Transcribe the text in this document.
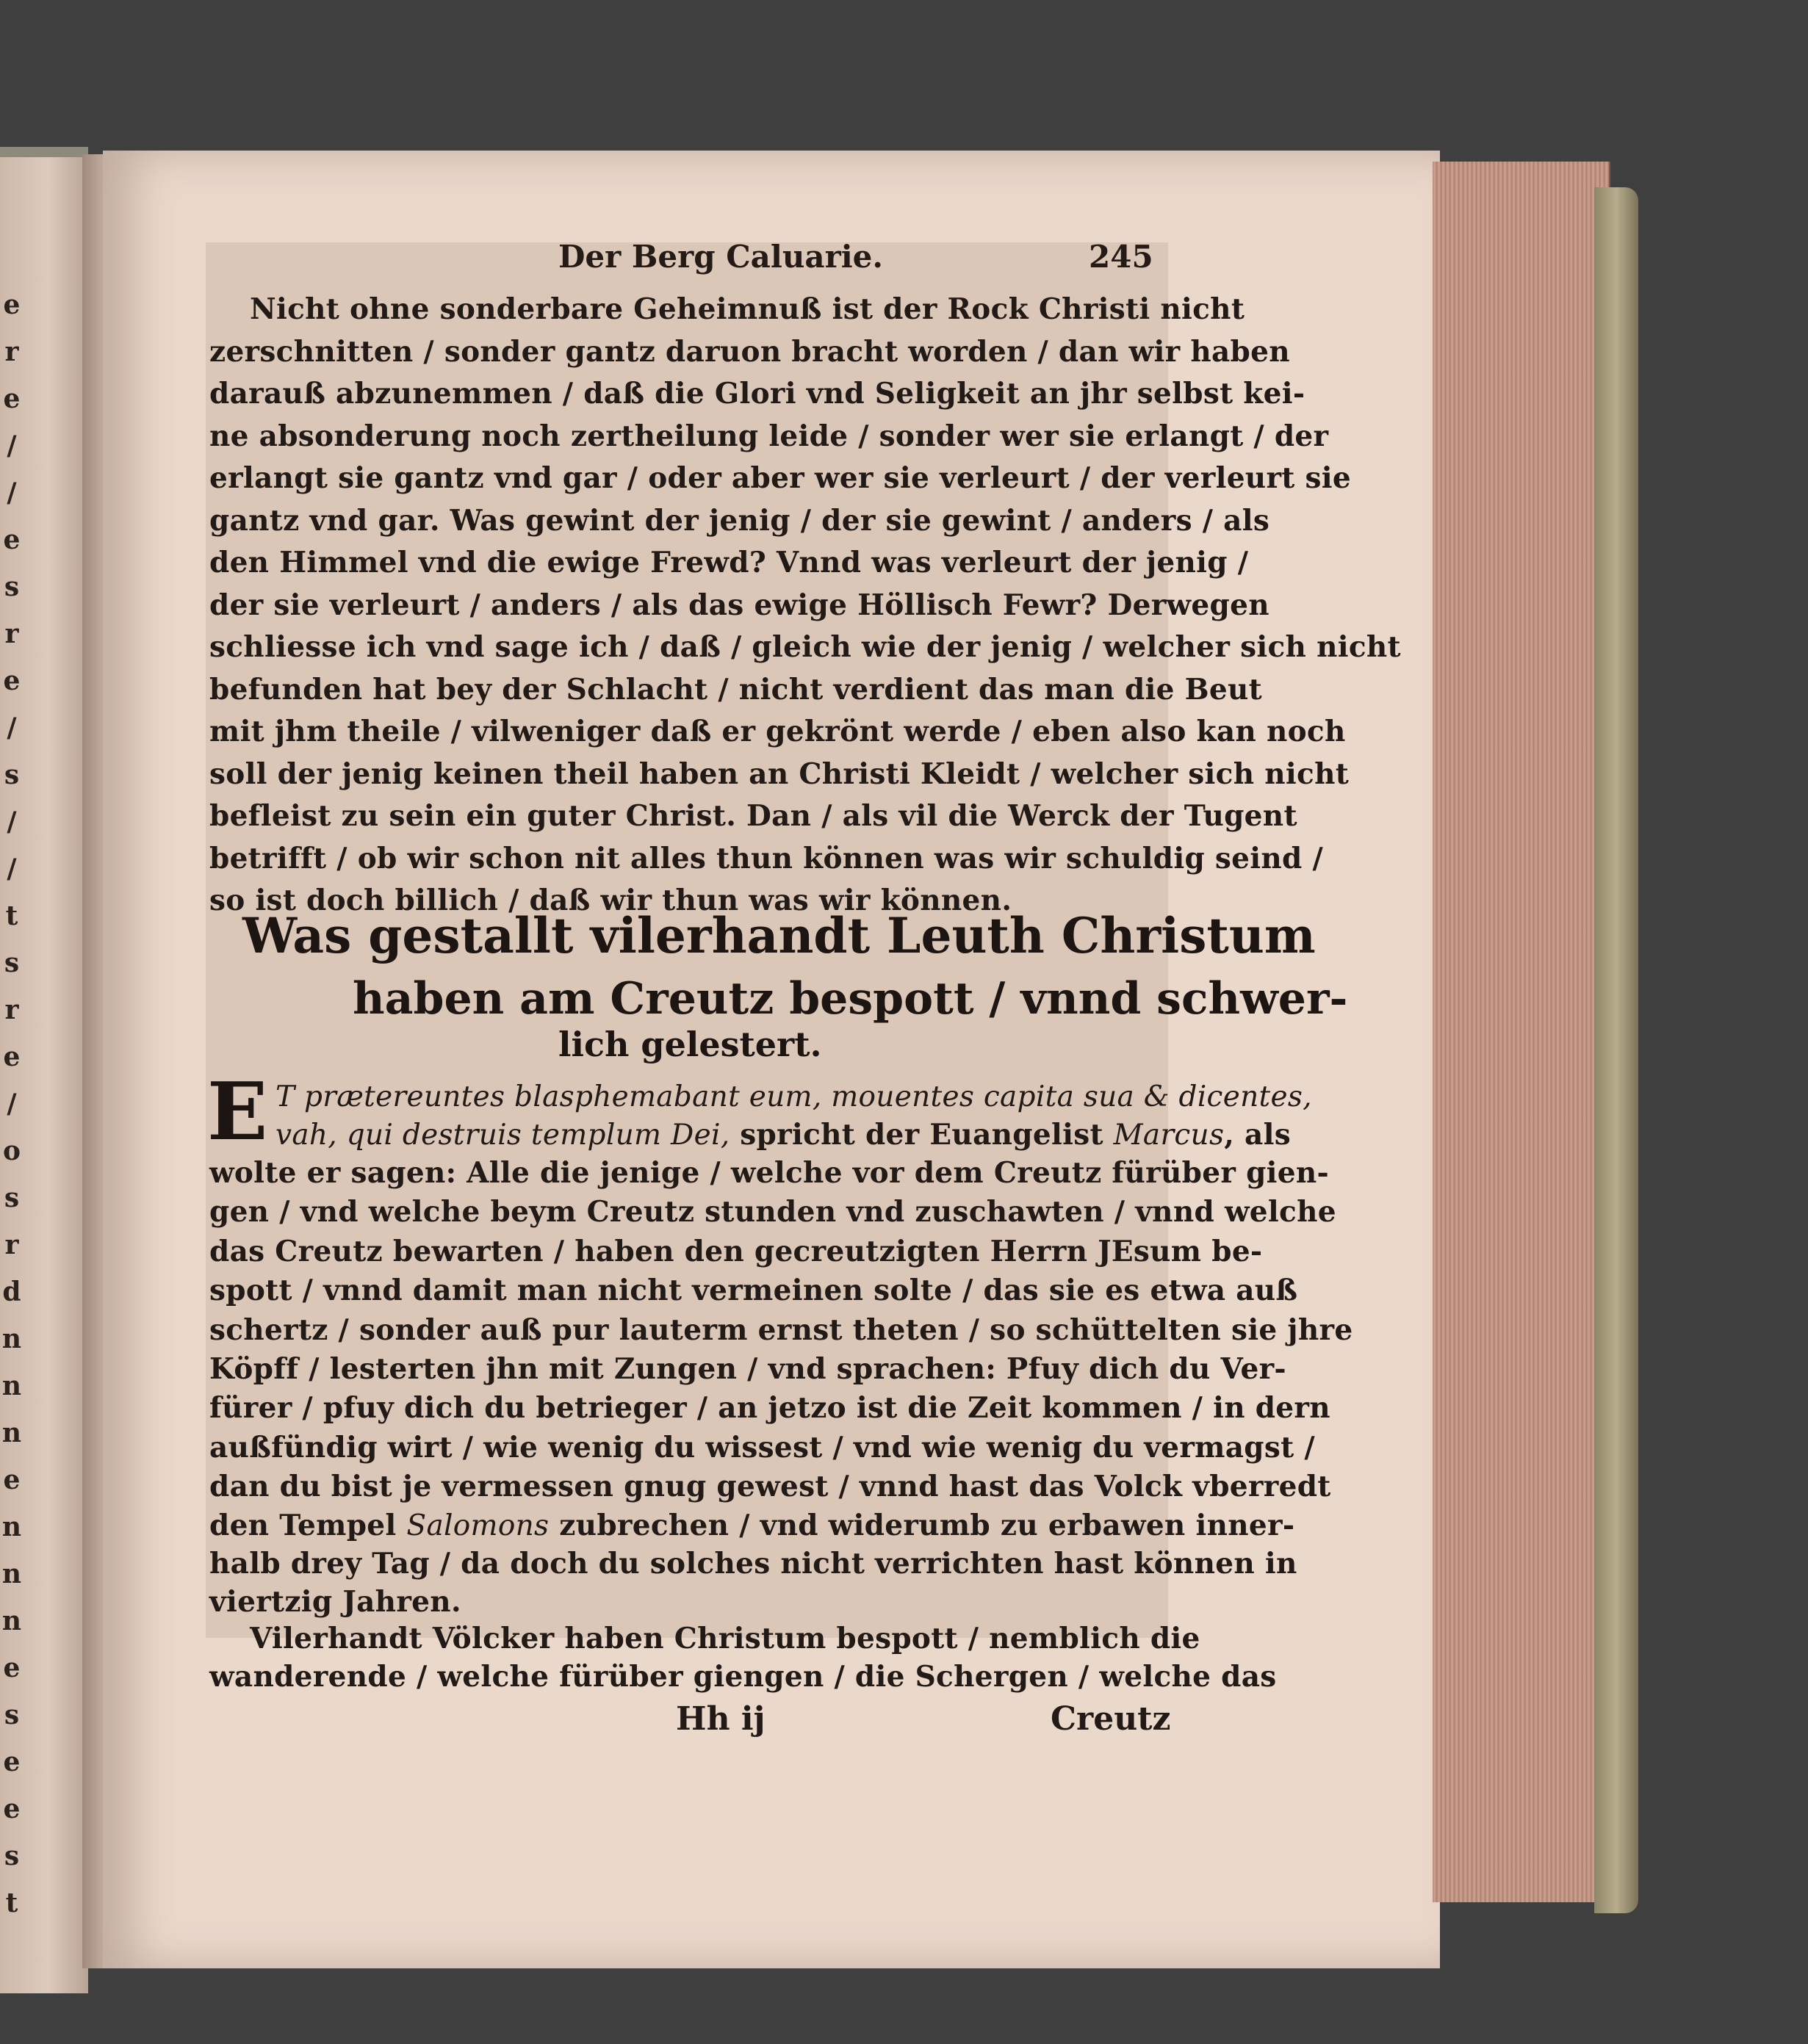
e
r
e
/
/
e
s
r
e
/
s
/
/
t
s
r
e
/
o
s
r
d
n
n
n
e
n
n
n
e
s
e
e
s
t
Der Berg Caluarie.	245
Nicht ohne sonderbare Geheimnuß ist der Rock Christi nicht
zerschnitten / sonder gantz daruon bracht worden / dan wir haben
darauß abzunemmen / daß die Glori vnd Seligkeit an jhr selbst kei-
ne absonderung noch zertheilung leide / sonder wer sie erlangt / der
erlangt sie gantz vnd gar / oder aber wer sie verleurt / der verleurt sie
gantz vnd gar. Was gewint der jenig / der sie gewint / anders / als
den Himmel vnd die ewige Frewd? Vnnd was verleurt der jenig /
der sie verleurt / anders / als das ewige Höllisch Fewr? Derwegen
schliesse ich vnd sage ich / daß / gleich wie der jenig / welcher sich nicht
befunden hat bey der Schlacht / nicht verdient das man die Beut
mit jhm theile / vilweniger daß er gekrönt werde / eben also kan noch
soll der jenig keinen theil haben an Christi Kleidt / welcher sich nicht
befleist zu sein ein guter Christ. Dan / als vil die Werck der Tugent
betrifft / ob wir schon nit alles thun können was wir schuldig seind /
so ist doch billich / daß wir thun was wir können.
Was gestallt vilerhandt Leuth Christum
haben am Creutz bespott / vnnd schwer-
lich gelestert.
E T prætereuntes blasphemabant eum, mouentes capita sua & dicentes,
vah, qui destruis templum Dei, spricht der Euangelist Marcus, als
wolte er sagen: Alle die jenige / welche vor dem Creutz fürüber gien-
gen / vnd welche beym Creutz stunden vnd zuschawten / vnnd welche
das Creutz bewarten / haben den gecreutzigten Herrn JEsum be-
spott / vnnd damit man nicht vermeinen solte / das sie es etwa auß
schertz / sonder auß pur lauterm ernst theten / so schüttelten sie jhre
Köpff / lesterten jhn mit Zungen / vnd sprachen: Pfuy dich du Ver-
fürer / pfuy dich du betrieger / an jetzo ist die Zeit kommen / in dern
außfündig wirt / wie wenig du wissest / vnd wie wenig du vermagst /
dan du bist je vermessen gnug gewest / vnnd hast das Volck vberredt
den Tempel Salomons zubrechen / vnd widerumb zu erbawen inner-
halb drey Tag / da doch du solches nicht verrichten hast können in
viertzig Jahren.
Vilerhandt Völcker haben Christum bespott / nemblich die
wanderende / welche fürüber giengen / die Schergen / welche das
Hh ij	Creutz
